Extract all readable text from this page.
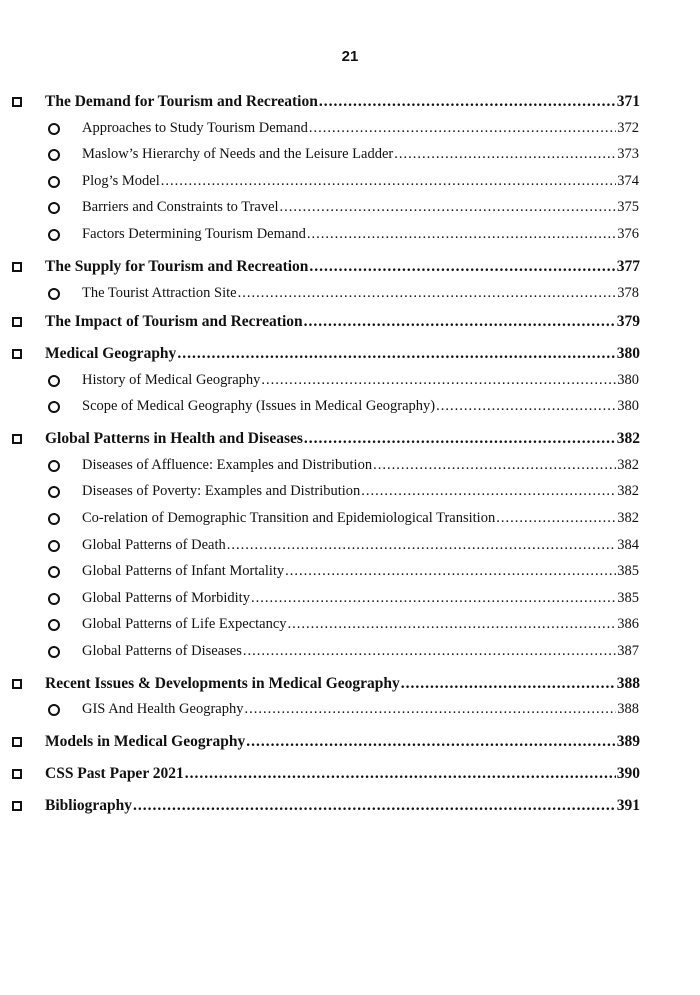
21
The Demand for Tourism and Recreation .....	371
Approaches to Study Tourism Demand .....	372
Maslow’s Hierarchy of Needs and the Leisure Ladder .....	373
Plog’s Model .....	374
Barriers and Constraints to Travel .....	375
Factors Determining Tourism Demand .....	376
The Supply for Tourism and Recreation .....	377
The Tourist Attraction Site .....	378
The Impact of Tourism and Recreation .....	379
Medical Geography .....	380
History of Medical Geography .....	380
Scope of Medical Geography (Issues in Medical Geography) .....	380
Global Patterns in Health and Diseases .....	382
Diseases of Affluence: Examples and Distribution .....	382
Diseases of Poverty: Examples and Distribution .....	382
Co-relation of Demographic Transition and Epidemiological Transition .....	382
Global Patterns of Death .....	384
Global Patterns of Infant Mortality .....	385
Global Patterns of Morbidity .....	385
Global Patterns of Life Expectancy .....	386
Global Patterns of Diseases .....	387
Recent Issues & Developments in Medical Geography .....	388
GIS And Health Geography .....	388
Models in Medical Geography .....	389
CSS Past Paper 2021 .....	390
Bibliography .....	391
